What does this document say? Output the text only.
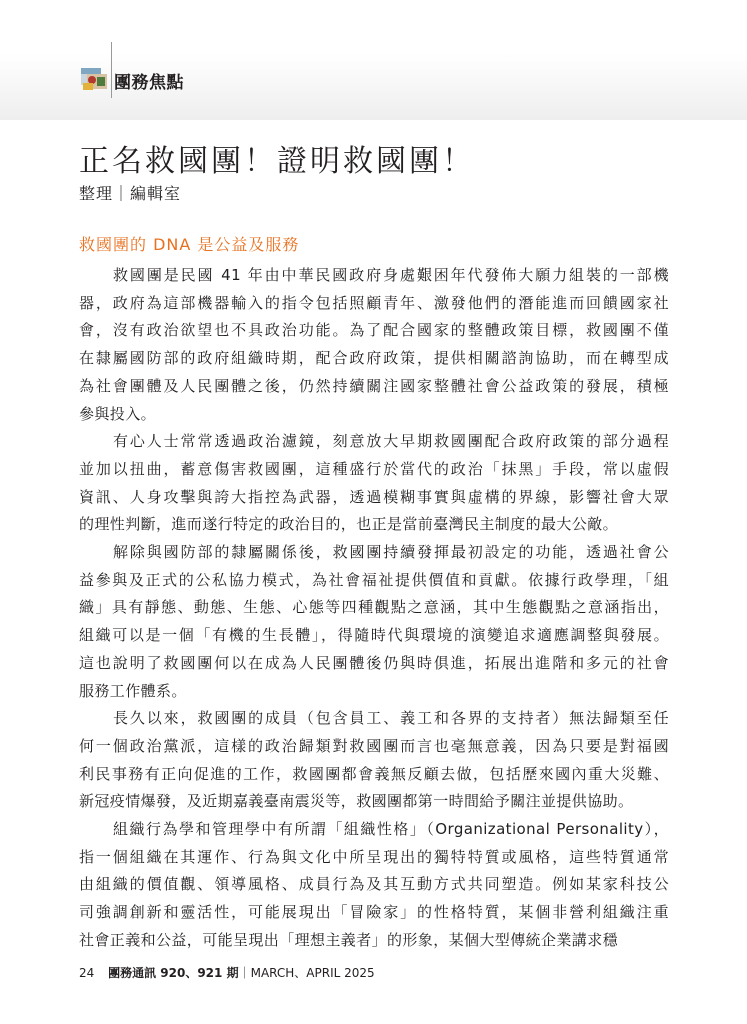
團務焦點
正名救國團！證明救國團！
整理｜編輯室
救國團的 DNA 是公益及服務

救國團是民國 41 年由中華民國政府身處艱困年代發佈大願力組裝的一部機
器，政府為這部機器輸入的指令包括照顧青年、激發他們的潛能進而回饋國家社
會，沒有政治欲望也不具政治功能。為了配合國家的整體政策目標，救國團不僅
在隸屬國防部的政府組織時期，配合政府政策，提供相關諮詢協助，而在轉型成
為社會團體及人民團體之後，仍然持續關注國家整體社會公益政策的發展，積極
參與投入。

有心人士常常透過政治濾鏡，刻意放大早期救國團配合政府政策的部分過程
並加以扭曲，蓄意傷害救國團，這種盛行於當代的政治「抹黑」手段，常以虛假
資訊、人身攻擊與誇大指控為武器，透過模糊事實與虛構的界線，影響社會大眾
的理性判斷，進而遂行特定的政治目的，也正是當前臺灣民主制度的最大公敵。

解除與國防部的隸屬關係後，救國團持續發揮最初設定的功能，透過社會公
益參與及正式的公私協力模式，為社會福祉提供價值和貢獻。依據行政學理，「組
織」具有靜態、動態、生態、心態等四種觀點之意涵，其中生態觀點之意涵指出，
組織可以是一個「有機的生長體」，得隨時代與環境的演變追求適應調整與發展。
這也說明了救國團何以在成為人民團體後仍與時俱進，拓展出進階和多元的社會
服務工作體系。

長久以來，救國團的成員（包含員工、義工和各界的支持者）無法歸類至任
何一個政治黨派，這樣的政治歸類對救國團而言也毫無意義，因為只要是對福國
利民事務有正向促進的工作，救國團都會義無反顧去做，包括歷來國內重大災難、
新冠疫情爆發，及近期嘉義臺南震災等，救國團都第一時間給予關注並提供協助。

組織行為學和管理學中有所謂「組織性格」（Organizational Personality），
指一個組織在其運作、行為與文化中所呈現出的獨特特質或風格，這些特質通常
由組織的價值觀、領導風格、成員行為及其互動方式共同塑造。例如某家科技公
司強調創新和靈活性，可能展現出「冒險家」的性格特質，某個非營利組織注重
社會正義和公益，可能呈現出「理想主義者」的形象，某個大型傳統企業講求穩

24 團務通訊 920、921 期｜MARCH、APRIL 2025
